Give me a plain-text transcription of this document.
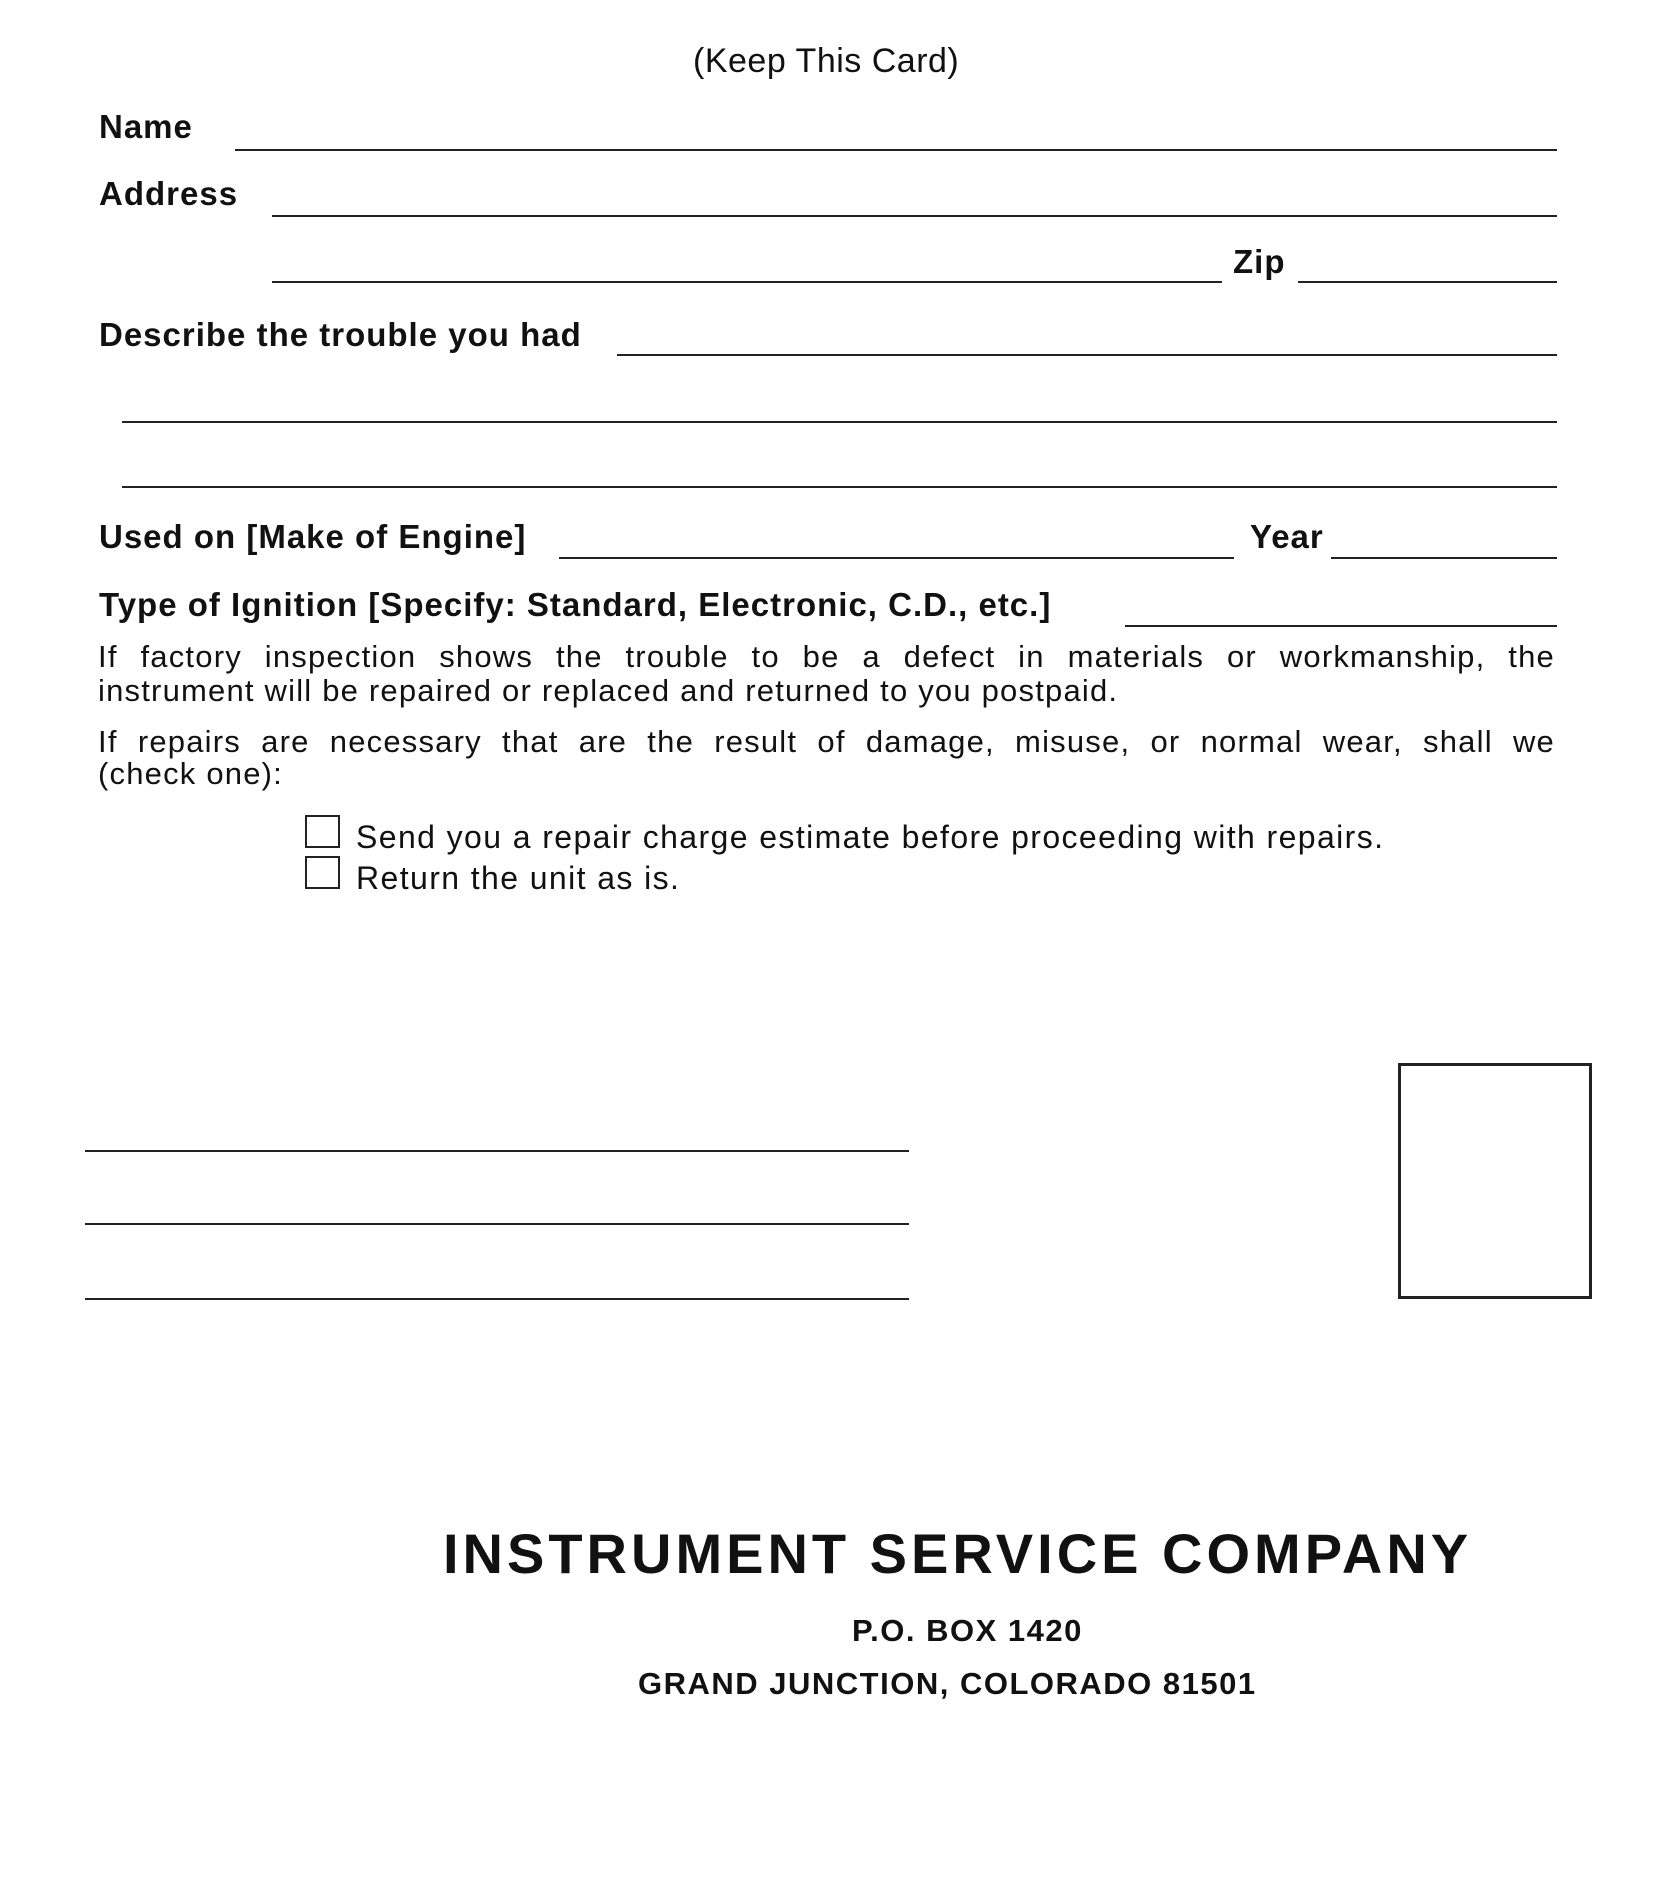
(Keep This Card)
Name
Address
Zip
Describe the trouble you had
Used on [Make of Engine]	Year
Type of Ignition [Specify: Standard, Electronic, C.D., etc.]
If factory inspection shows the trouble to be a defect in materials or workmanship, the
instrument will be repaired or replaced and returned to you postpaid.
If repairs are necessary that are the result of damage, misuse, or normal wear, shall we
(check one):
Send you a repair charge estimate before proceeding with repairs.
Return the unit as is.
INSTRUMENT SERVICE COMPANY
P.O. BOX 1420
GRAND JUNCTION, COLORADO 81501
